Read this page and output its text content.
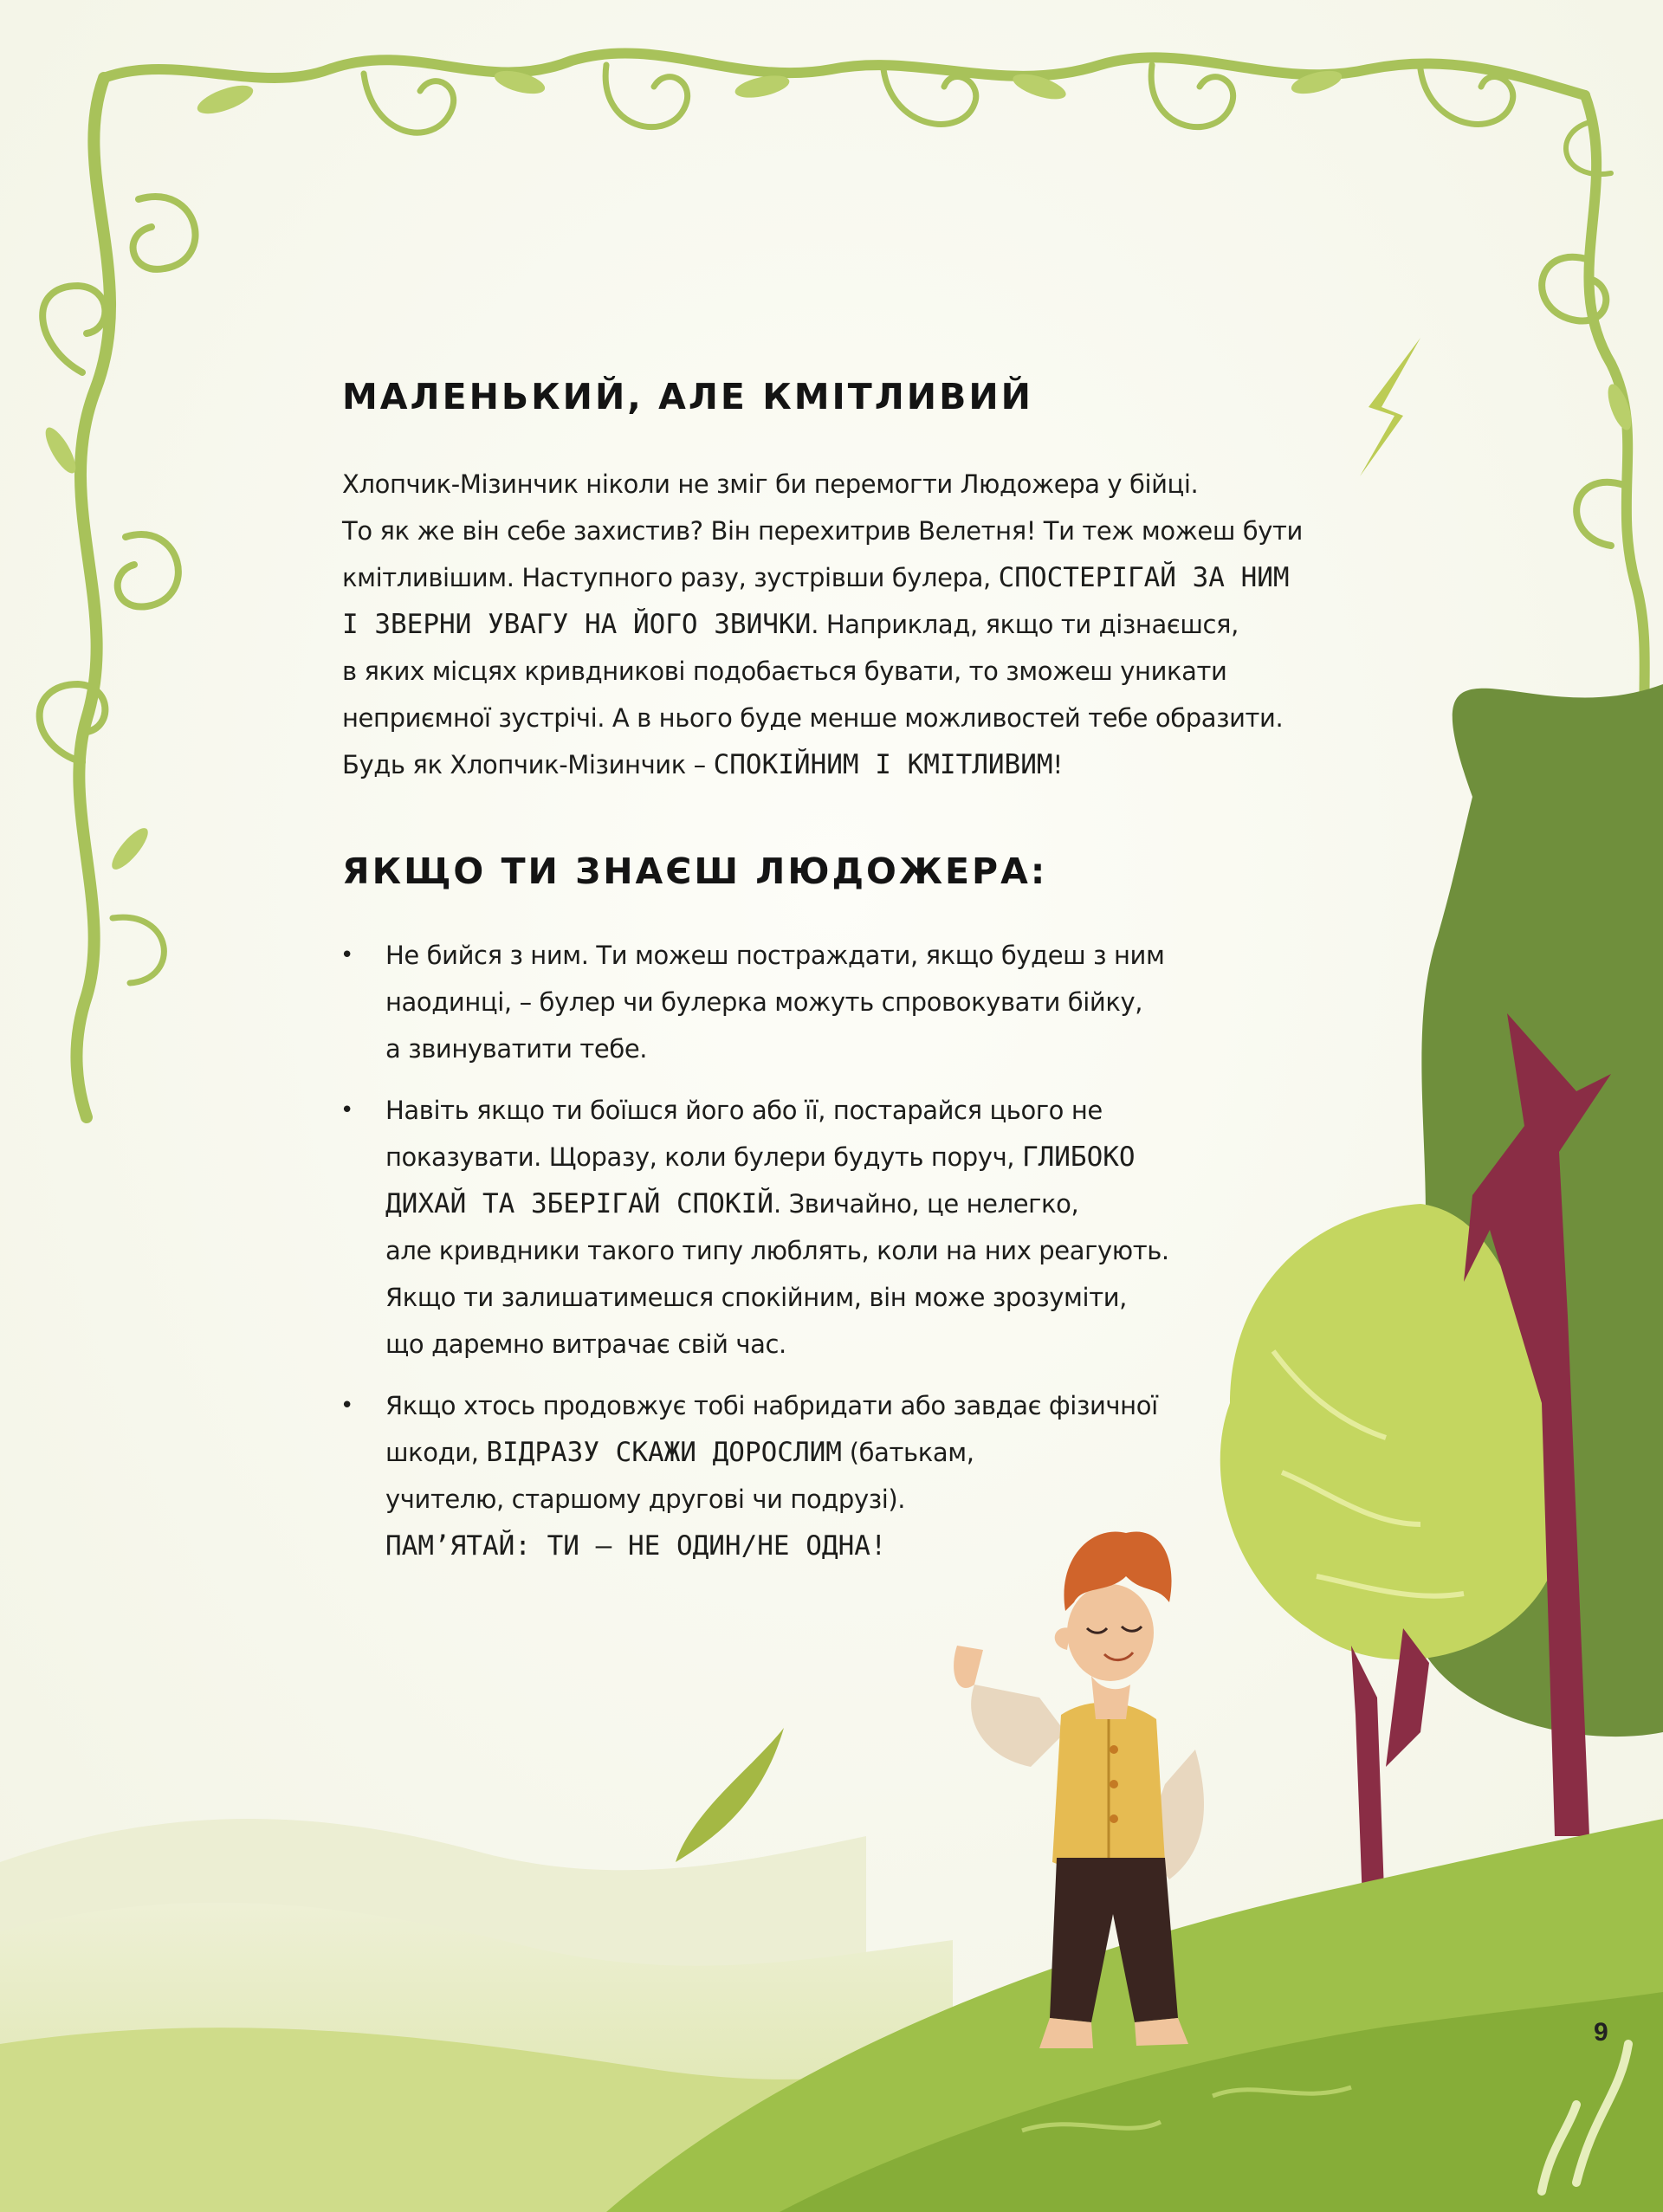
МАЛЕНЬКИЙ, АЛЕ КМІТЛИВИЙ

Хлопчик-Мізинчик ніколи не зміг би перемогти Людожера у бійці.
То як же він себе захистив? Він перехитрив Велетня! Ти теж можеш бути
кмітливішим. Наступного разу, зустрівши булера, СПОСТЕРІГАЙ ЗА НИМ
І ЗВЕРНИ УВАГУ НА ЙОГО ЗВИЧКИ. Наприклад, якщо ти дізнаєшся,
в яких місцях кривдникові подобається бувати, то зможеш уникати
неприємної зустрічі. А в нього буде менше можливостей тебе образити.
Будь як Хлопчик-Мізинчик – СПОКІЙНИМ І КМІТЛИВИМ!

ЯКЩО ТИ ЗНАЄШ ЛЮДОЖЕРА:
• Не бийся з ним. Ти можеш постраждати, якщо будеш з ним
наодинці, – булер чи булерка можуть спровокувати бійку,
а звинуватити тебе.
• Навіть якщо ти боїшся його або її, постарайся цього не
показувати. Щоразу, коли булери будуть поруч, ГЛИБОКО
ДИХАЙ ТА ЗБЕРІГАЙ СПОКІЙ. Звичайно, це нелегко,
але кривдники такого типу люблять, коли на них реагують.
Якщо ти залишатимешся спокійним, він може зрозуміти,
що даремно витрачає свій час.
• Якщо хтось продовжує тобі набридати або завдає фізичної
шкоди, ВІДРАЗУ СКАЖИ ДОРОСЛИМ (батькам,
учителю, старшому другові чи подрузі).
ПАМ’ЯТАЙ: ТИ — НЕ ОДИН/НЕ ОДНА!
9
